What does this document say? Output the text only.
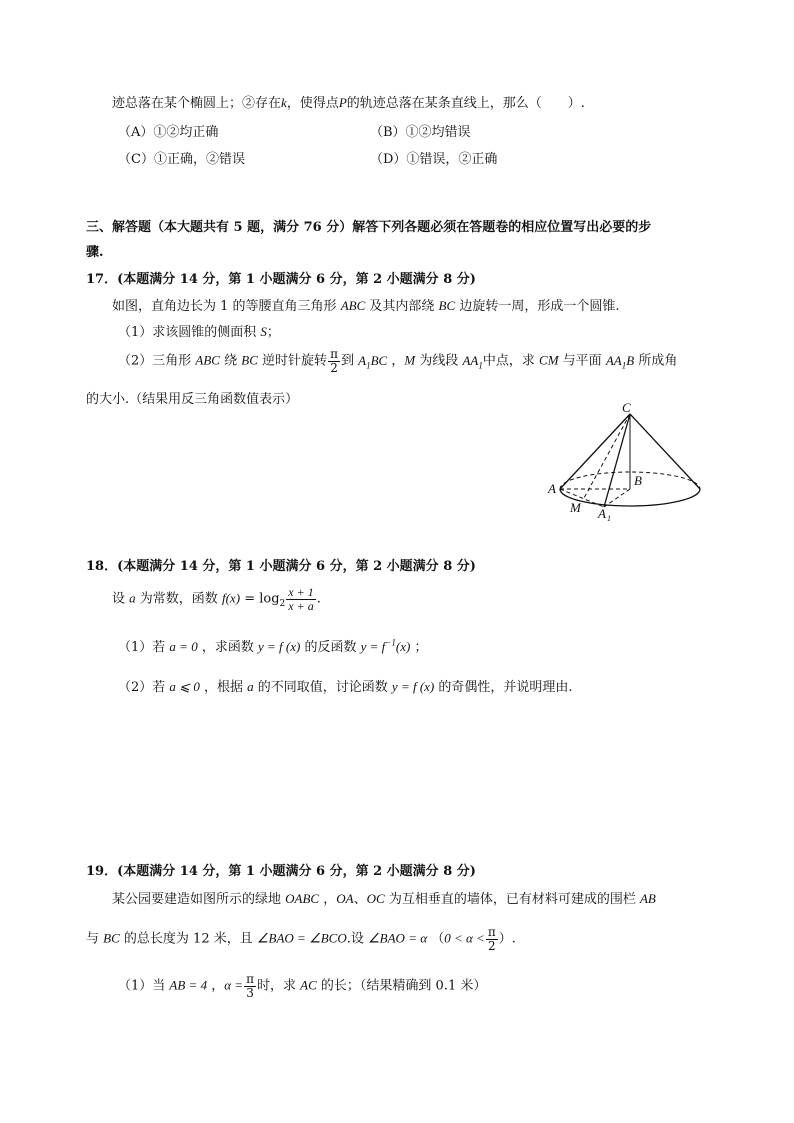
迹总落在某个椭圆上；②存在k，使得点P的轨迹总落在某条直线上，那么（　　）.
（A）①②均正确	（B）①②均错误
（C）①正确，②错误	（D）①错误，②正确
三、解答题（本大题共有 5 题，满分 76 分）解答下列各题必须在答题卷的相应位置写出必要的步
骤.
17．(本题满分 14 分，第 1 小题满分 6 分，第 2 小题满分 8 分)
如图，直角边长为 1 的等腰直角三角形 ABC 及其内部绕 BC 边旋转一周，形成一个圆锥.
（1）求该圆锥的侧面积 S；
（2）三角形 ABC 绕 BC 逆时针旋转 $\frac{\pi}{2}$ 到 $A_1BC$ ，M 为线段 $AA_1$中点，求 CM 与平面 $AA_1B$ 所成角
的大小.（结果用反三角函数值表示）
C
B
A
M A 1
18．(本题满分 14 分，第 1 小题满分 6 分，第 2 小题满分 8 分)
设 a 为常数，函数 $f(x) = \log_2 \frac{x + 1}{x + a}$ .
（1）若 a = 0 ，求函数 y = f (x) 的反函数 $y = f^{-1}(x)$ ；
（2）若 a ⩽ 0 ，根据 a 的不同取值，讨论函数 y = f (x) 的奇偶性，并说明理由.
19．(本题满分 14 分，第 1 小题满分 6 分，第 2 小题满分 8 分)
某公园要建造如图所示的绿地 OABC ，OA、OC 为互相垂直的墙体，已有材料可建成的围栏 AB
与 BC 的总长度为 12 米，且 ∠BAO = ∠BCO.设 ∠BAO = α （$0 < \alpha < \frac{\pi}{2}$ ）.
（1）当 AB = 4 ，$\alpha = \frac{\pi}{3}$ 时，求 AC 的长；（结果精确到 0.1 米）
